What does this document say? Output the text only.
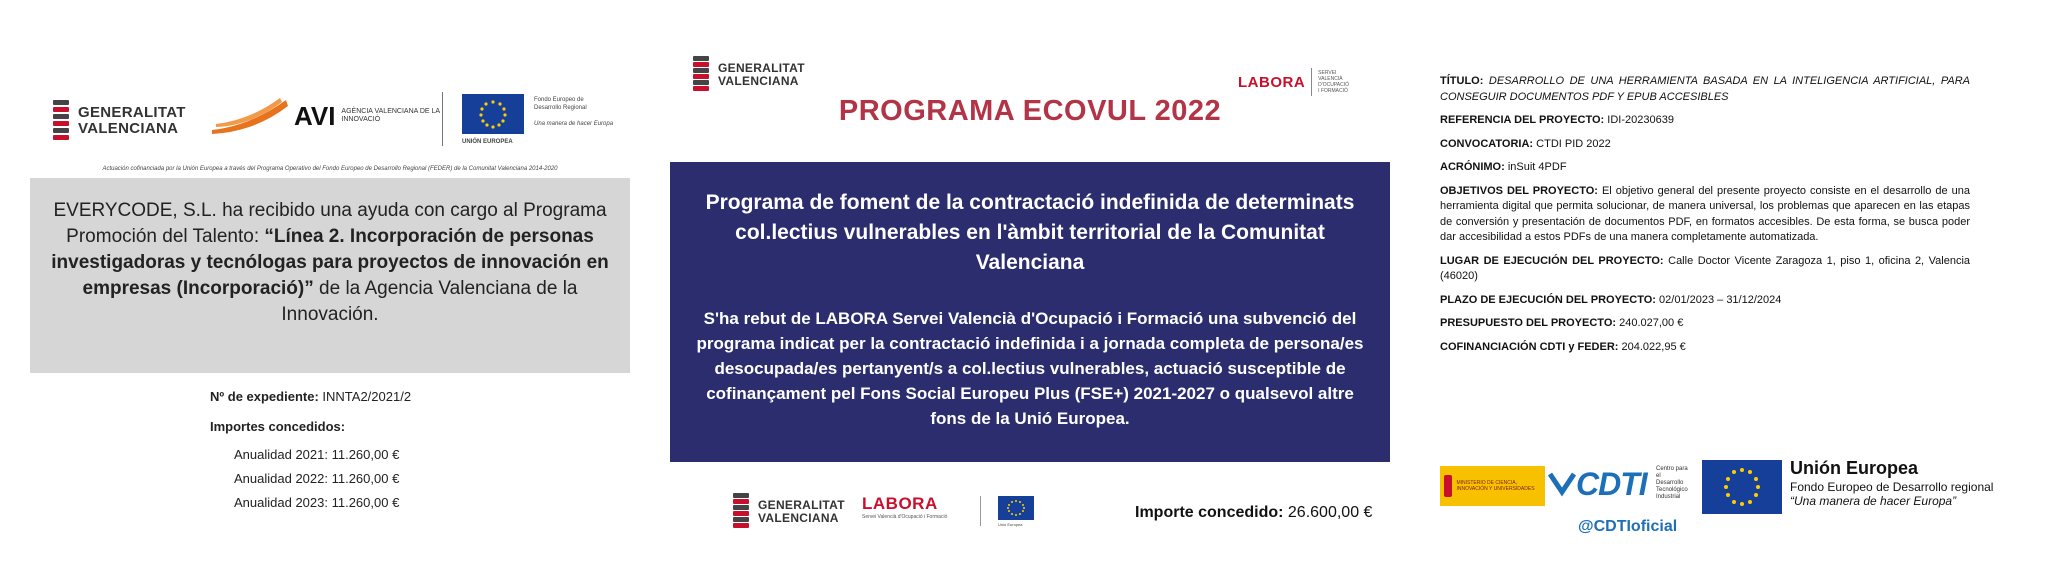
GENERALITAT
VALENCIANA	AVI AGÈNCIA VALENCIANA DE LA INNOVACIÓ
UNIÓN EUROPEA
Fondo Europeo de
Desarrollo Regional
Una manera de hacer Europa
Actuación cofinanciada por la Unión Europea a través del Programa Operativo del Fondo Europeo de Desarrollo Regional (FEDER) de la Comunitat Valenciana 2014-2020
EVERYCODE, S.L. ha recibido una ayuda con cargo al Programa Promoción del Talento: “Línea 2. Incorporación de personas investigadoras y tecnólogas para proyectos de innovación en empresas (Incorporació)” de la Agencia Valenciana de la Innovación.
Nº de expediente: INNTA2/2021/2
Importes concedidos:
Anualidad 2021: 11.260,00 €
Anualidad 2022: 11.260,00 €
Anualidad 2023: 11.260,00 €
GENERALITAT
VALENCIANA	LABORA
SERVEI
VALENCIÀ
D'OCUPACIÓ
I FORMACIÓ
PROGRAMA ECOVUL 2022
Programa de foment de la contractació indefinida de determinats col.lectius vulnerables en l'àmbit territorial de la Comunitat Valenciana
S'ha rebut de LABORA Servei Valencià d'Ocupació i Formació una subvenció del programa indicat per la contractació indefinida i a jornada completa de persona/es desocupada/es pertanyent/s a col.lectius vulnerables, actuació susceptible de cofinançament pel Fons Social Europeu Plus (FSE+) 2021-2027 o qualsevol altre fons de la Unió Europea.
GENERALITAT
VALENCIANA
LABORA
Servei Valencià d'Ocupació i Formació
Unió Europea
Importe concedido: 26.600,00 €

TÍTULO: DESARROLLO DE UNA HERRAMIENTA BASADA EN LA INTELIGENCIA ARTIFICIAL, PARA CONSEGUIR DOCUMENTOS PDF Y EPUB ACCESIBLES

REFERENCIA DEL PROYECTO: IDI-20230639

CONVOCATORIA: CTDI PID 2022

ACRÓNIMO: inSuit 4PDF

OBJETIVOS DEL PROYECTO: El objetivo general del presente proyecto consiste en el desarrollo de una herramienta digital que permita solucionar, de manera universal, los problemas que aparecen en las etapas de conversión y presentación de documentos PDF, en formatos accesibles. De esta forma, se busca poder dar accesibilidad a estos PDFs de una manera completamente automatizada.

LUGAR DE EJECUCIÓN DEL PROYECTO: Calle Doctor Vicente Zaragoza 1, piso 1, oficina 2, Valencia (46020)

PLAZO DE EJECUCIÓN DEL PROYECTO: 02/01/2023 – 31/12/2024

PRESUPUESTO DEL PROYECTO: 240.027,00 €

COFINANCIACIÓN CDTI y FEDER: 204.022,95 €

MINISTERIO DE CIENCIA, INNOVACIÓN Y UNIVERSIDADES CDTI Centro para el
Desarrollo
Tecnológico
Industrial
@CDTIoficial
Unión Europea
Fondo Europeo de Desarrollo regional
“Una manera de hacer Europa”
